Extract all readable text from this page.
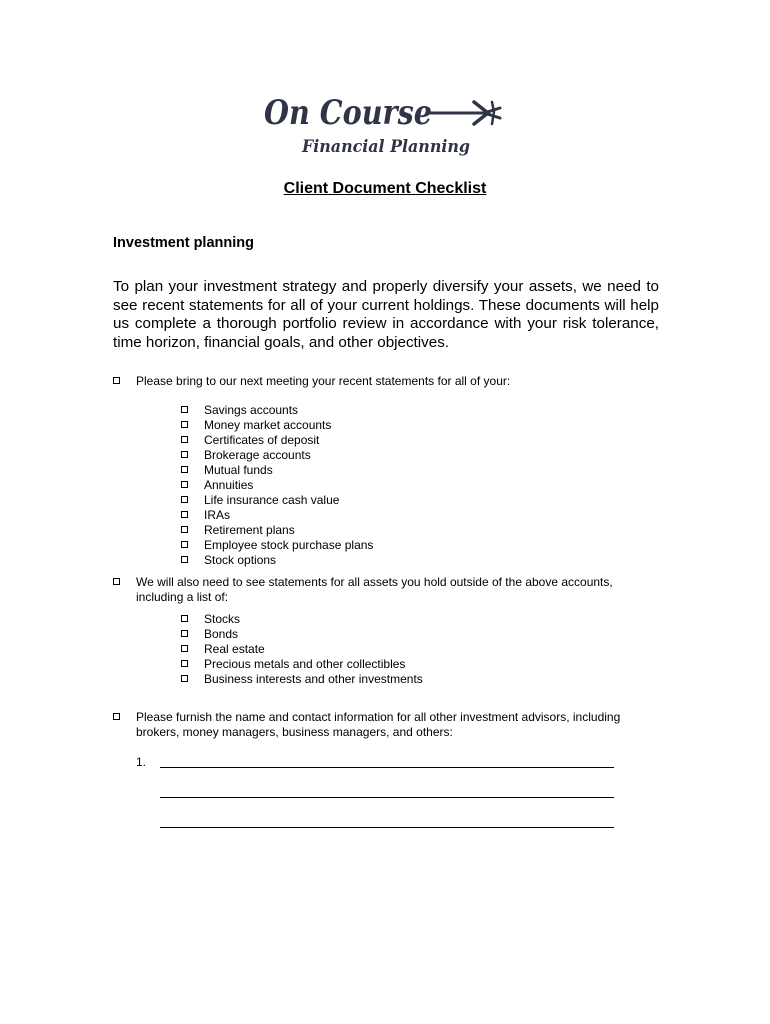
On Course
Financial Planning
Client Document Checklist
Investment planning
To plan your investment strategy and properly diversify your assets, we need to see recent statements for all of your current holdings. These documents will help us complete a thorough portfolio review in accordance with your risk tolerance, time horizon, financial goals, and other objectives.
Please bring to our next meeting your recent statements for all of your:
Savings accounts
Money market accounts
Certificates of deposit
Brokerage accounts
Mutual funds
Annuities
Life insurance cash value
IRAs
Retirement plans
Employee stock purchase plans
Stock options
We will also need to see statements for all assets you hold outside of the above accounts, including a list of:
Stocks
Bonds
Real estate
Precious metals and other collectibles
Business interests and other investments
Please furnish the name and contact information for all other investment advisors, including brokers, money managers, business managers, and others:
1.
